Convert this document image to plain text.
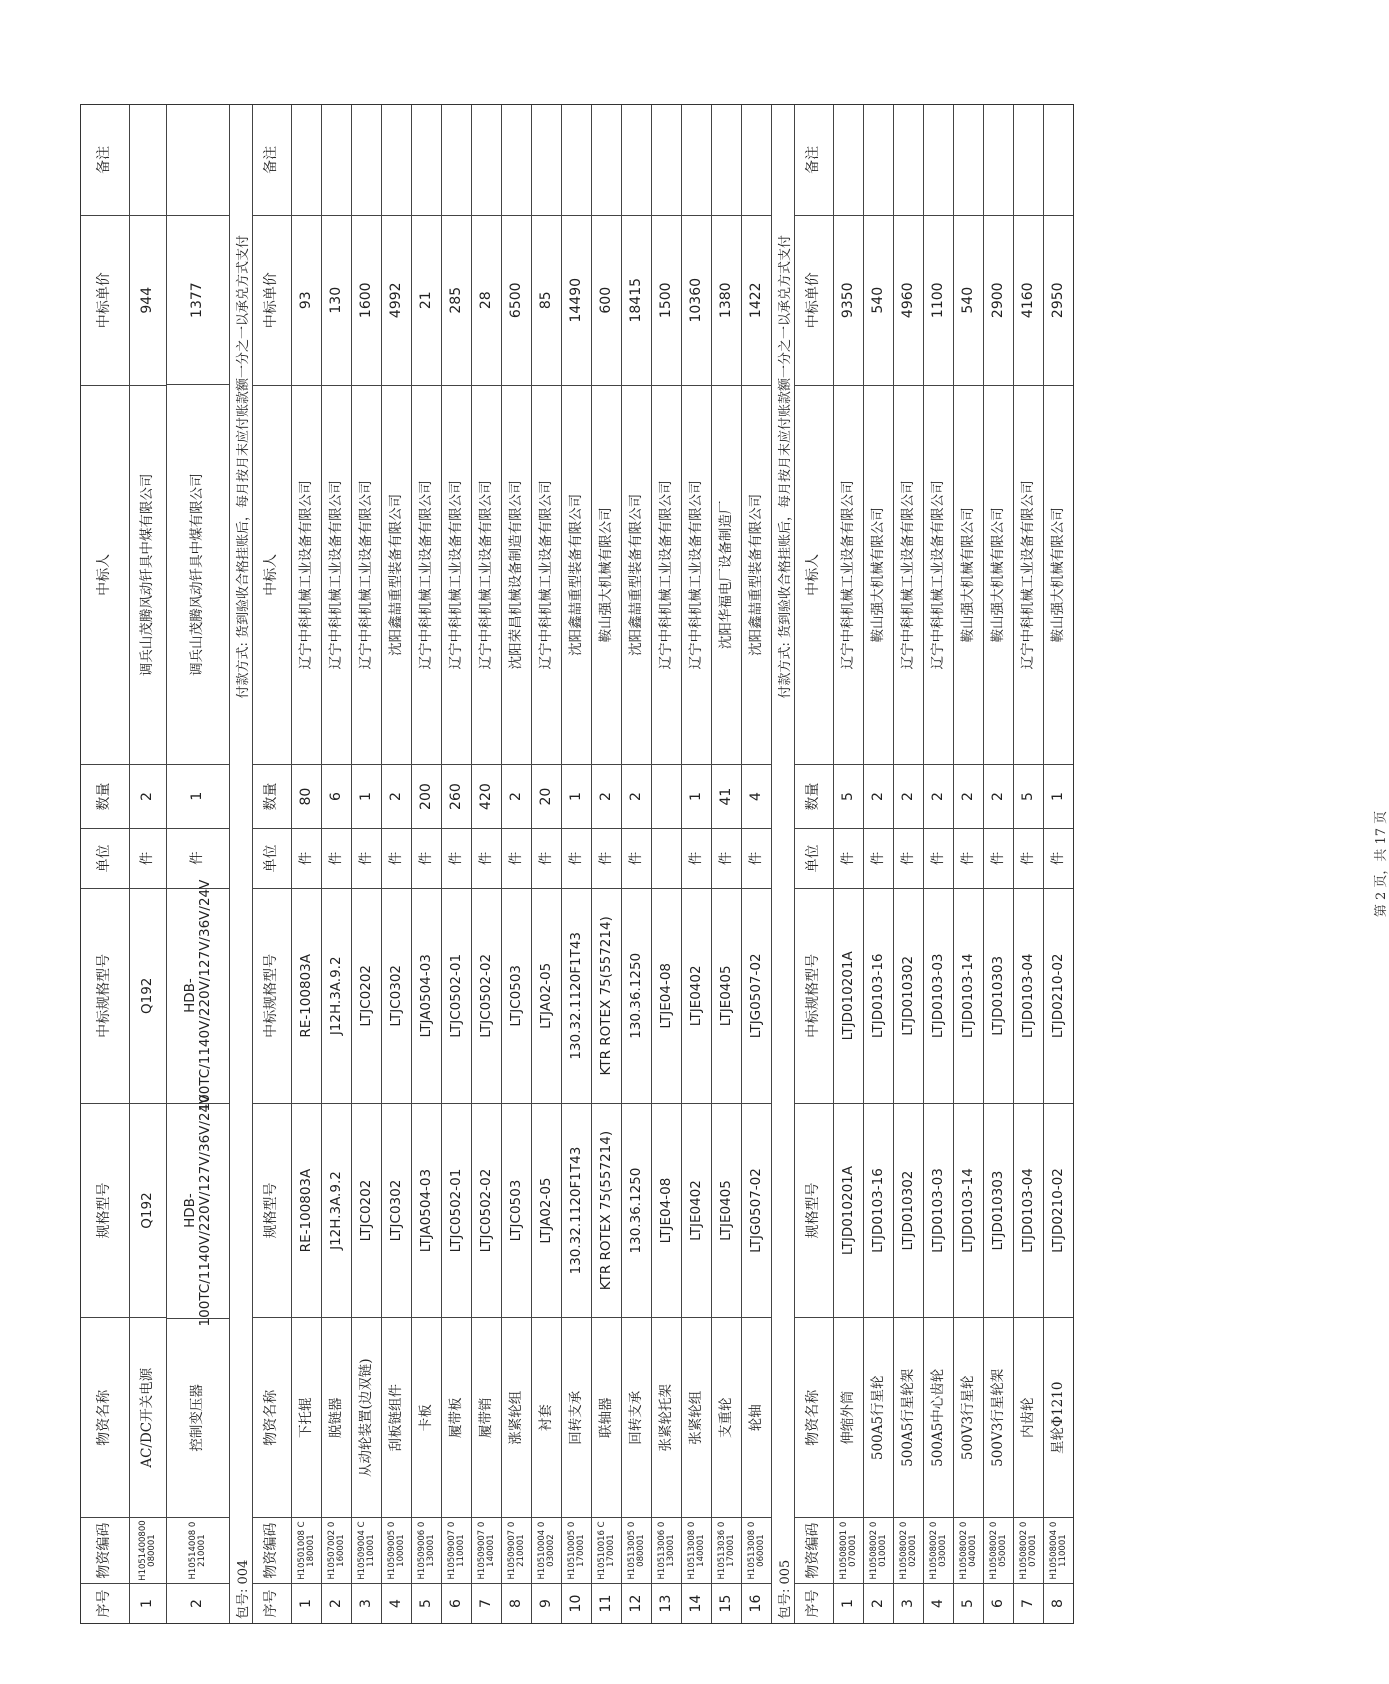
序号
物资编码
物资名称
规格型号
中标规格型号
单位
数量
中标人
中标单价
备注
1
H1051400800080001
AC/DC开关电源
Q192
Q192
件
2
调兵山茂腾风动钎具中煤有限公司
944
2
H10514008 0210001
控制变压器
HDB-100TC/1140V/220V/127V/36V/24V
HDB-100TC/1140V/220V/127V/36V/24V
件
1
调兵山茂腾风动钎具中煤有限公司
1377
包号: 004
付款方式: 货到验收合格挂账后，每月按月末应付账款额一分之一以承兑方式支付
序号
物资编码
物资名称
规格型号
中标规格型号
单位
数量
中标人
中标单价
备注
1
H10501008 C180001
下托辊
RE-100803A
RE-100803A
件
80
辽宁中科机械工业设备有限公司
93
2
H10507002 0160001
脱链器
J12H.3A.9.2
J12H.3A.9.2
件
6
辽宁中科机械工业设备有限公司
130
3
H10509004 C110001
从动轮装置(边双链)
LTJC0202
LTJC0202
件
1
辽宁中科机械工业设备有限公司
1600
4
H10509005 0100001
刮板链组件
LTJC0302
LTJC0302
件
2
沈阳鑫喆重型装备有限公司
4992
5
H10509006 0130001
卡板
LTJA0504-03
LTJA0504-03
件
200
辽宁中科机械工业设备有限公司
21
6
H10509007 0110001
履带板
LTJC0502-01
LTJC0502-01
件
260
辽宁中科机械工业设备有限公司
285
7
H10509007 0140001
履带销
LTJC0502-02
LTJC0502-02
件
420
辽宁中科机械工业设备有限公司
28
8
H10509007 0210001
涨紧轮组
LTJC0503
LTJC0503
件
2
沈阳荣昌机械设备制造有限公司
6500
9
H10510004 0030002
衬套
LTJA02-05
LTJA02-05
件
20
辽宁中科机械工业设备有限公司
85
10
H10510005 0170001
回转支承
130.32.1120F1T43
130.32.1120F1T43
件
1
沈阳鑫喆重型装备有限公司
14490
11
H10510016 C170001
联轴器
KTR ROTEX 75(557214)
KTR ROTEX 75(557214)
件
2
鞍山强大机械有限公司
600
12
H10513005 0080001
回转支承
130.36.1250
130.36.1250
件
2
沈阳鑫喆重型装备有限公司
18415
13
H10513006 0130001
张紧轮托架
LTJE04-08
LTJE04-08
辽宁中科机械工业设备有限公司
1500
14
H10513008 0140001
张紧轮组
LTJE0402
LTJE0402
件
1
辽宁中科机械工业设备有限公司
10360
15
H10513036 0170001
支重轮
LTJE0405
LTJE0405
件
41
沈阳华福电厂设备制造厂
1380
16
H10513008 0060001
轮轴
LTJG0507-02
LTJG0507-02
件
4
沈阳鑫喆重型装备有限公司
1422
包号: 005
付款方式: 货到验收合格挂账后，每月按月末应付账款额一分之一以承兑方式支付
序号
物资编码
物资名称
规格型号
中标规格型号
单位
数量
中标人
中标单价
备注
1
H10508001 0070001
伸缩外筒
LTJD010201A
LTJD010201A
件
5
辽宁中科机械工业设备有限公司
9350
2
H10508002 0010001
500A5行星轮
LTJD0103-16
LTJD0103-16
件
2
鞍山强大机械有限公司
540
3
H10508002 0020001
500A5行星轮架
LTJD010302
LTJD010302
件
2
辽宁中科机械工业设备有限公司
4960
4
H10508002 0030001
500A5中心齿轮
LTJD0103-03
LTJD0103-03
件
2
辽宁中科机械工业设备有限公司
1100
5
H10508002 0040001
500V3行星轮
LTJD0103-14
LTJD0103-14
件
2
鞍山强大机械有限公司
540
6
H10508002 0050001
500V3行星轮架
LTJD010303
LTJD010303
件
2
鞍山强大机械有限公司
2900
7
H10508002 0070001
内齿轮
LTJD0103-04
LTJD0103-04
件
5
辽宁中科机械工业设备有限公司
4160
8
H10508004 0110001
星轮Φ1210
LTJD0210-02
LTJD0210-02
件
1
鞍山强大机械有限公司
2950
第 2 页，共 17 页
